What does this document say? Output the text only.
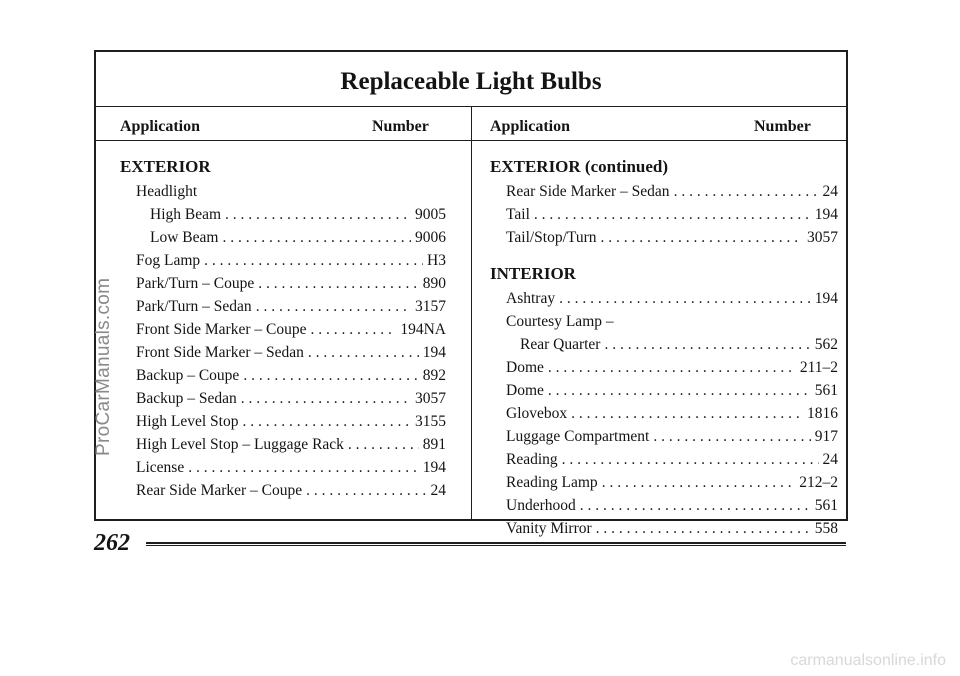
Replaceable Light Bulbs
Application	Number	Application	Number
EXTERIOR
Headlight
High Beam . . .	9005
Low Beam . . .	9006
Fog Lamp . . .	H3
Park/Turn – Coupe . . .	890
Park/Turn – Sedan . . .	3157
Front Side Marker – Coupe . . .	194NA
Front Side Marker – Sedan . . .	194
Backup – Coupe . . .	892
Backup – Sedan . . .	3057
High Level Stop . . .	3155
High Level Stop – Luggage Rack . . .	891
License . . .	194
Rear Side Marker – Coupe . . .	24
EXTERIOR (continued)
Rear Side Marker – Sedan . . .	24
Tail . . .	194
Tail/Stop/Turn . . .	3057
INTERIOR
Ashtray . . .	194
Courtesy Lamp –
Rear Quarter . . .	562
Dome . . .	211–2
Dome . . .	561
Glovebox . . .	1816
Luggage Compartment . . .	917
Reading . . .	24
Reading Lamp . . .	212–2
Underhood . . .	561
Vanity Mirror . . .	558
262
ProCarManuals.com
carmanualsonline.info
